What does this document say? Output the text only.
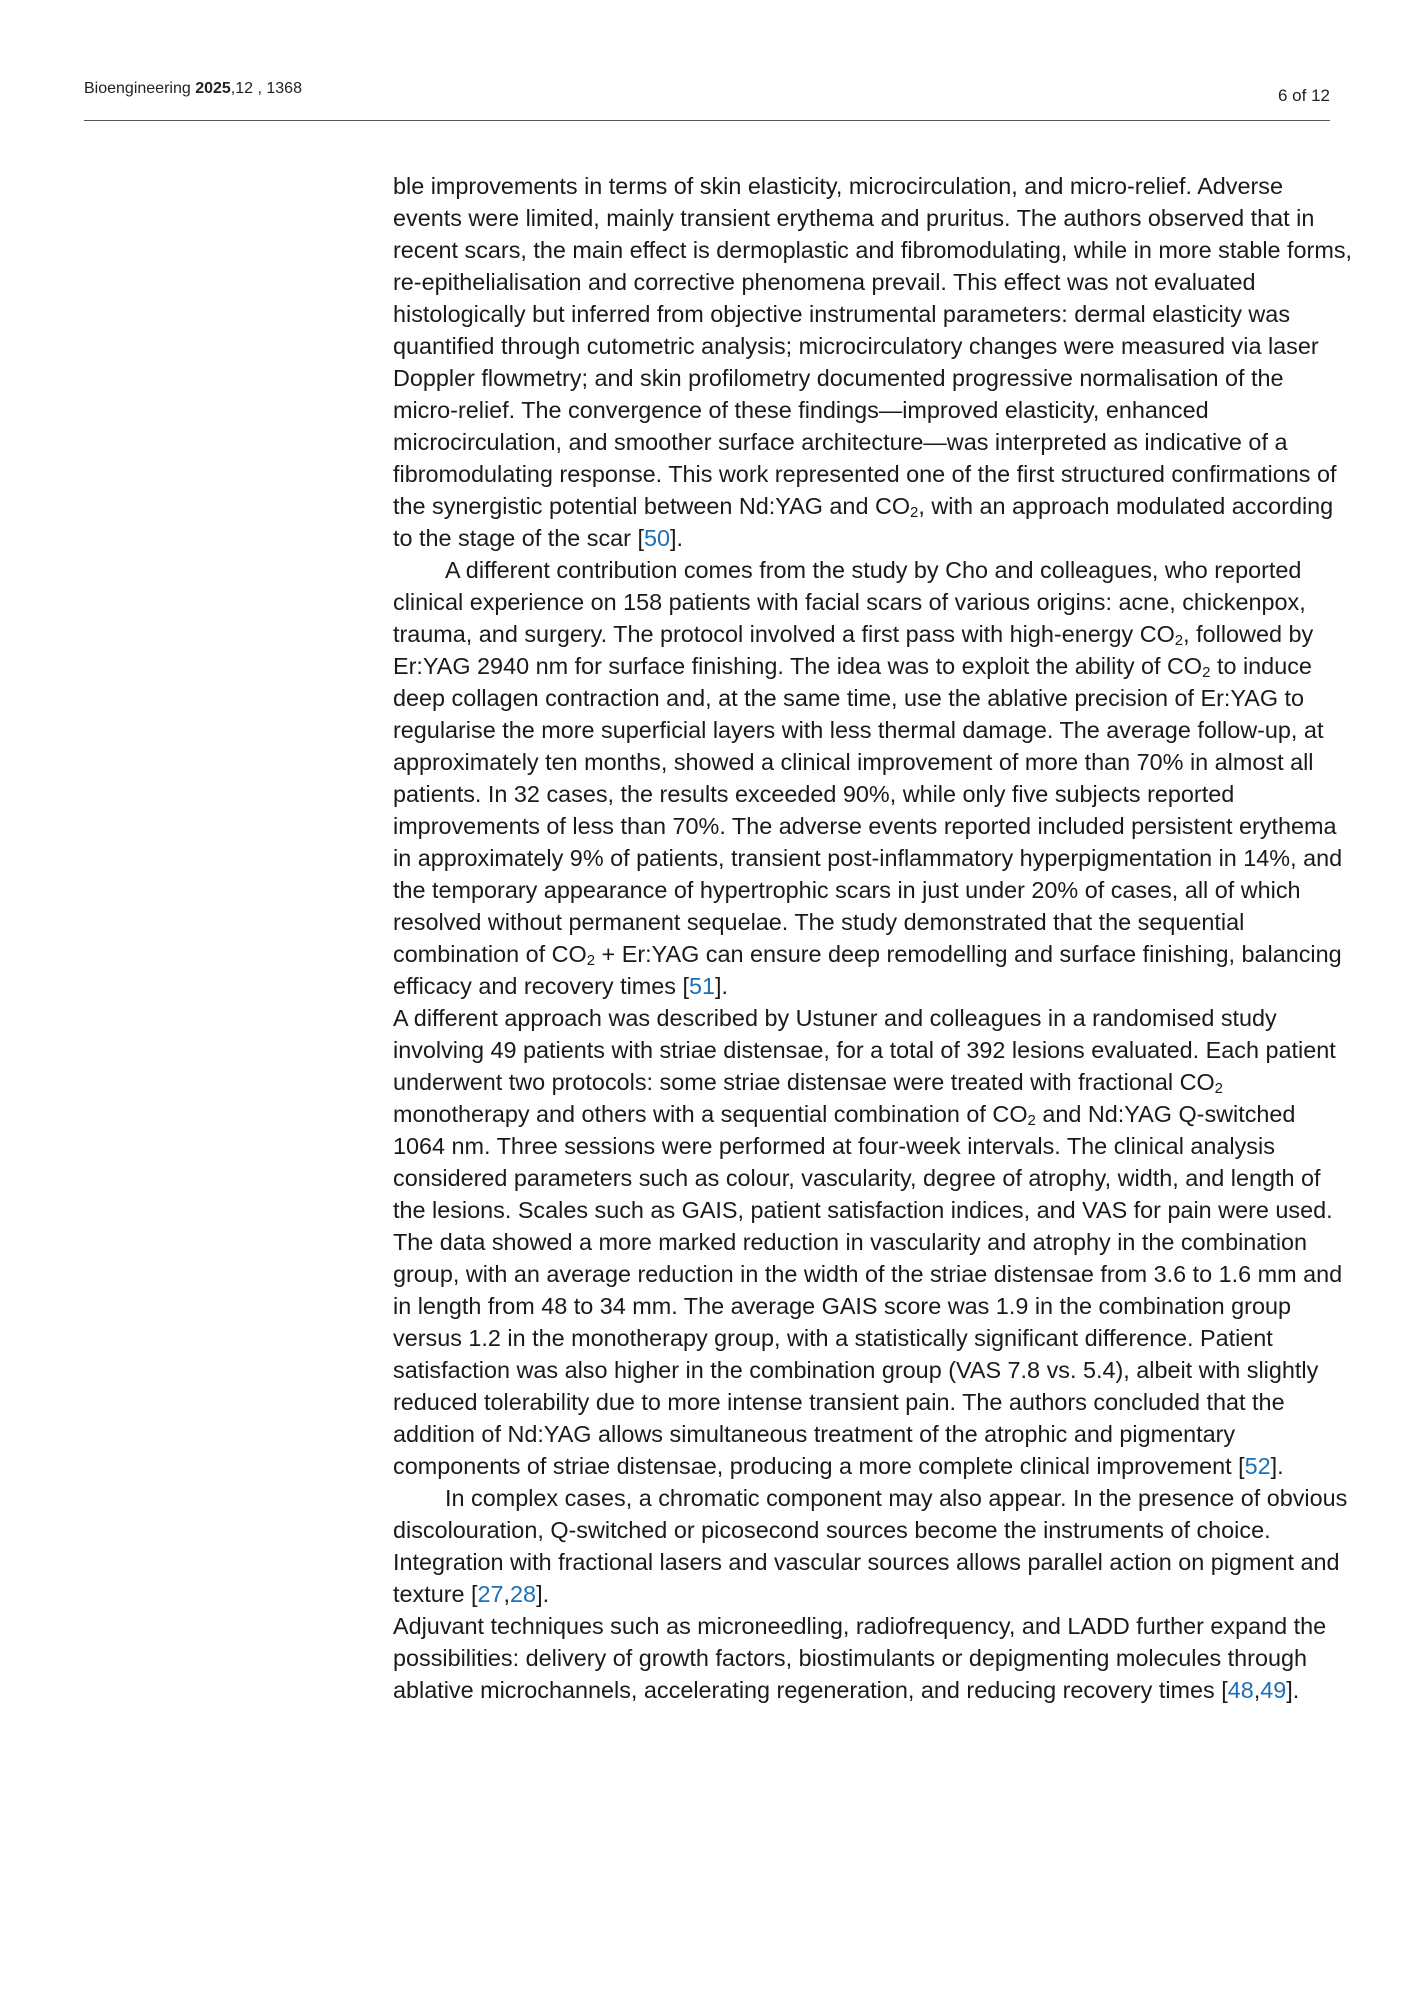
Bioengineering 2025,12 , 1368	6 of 12

ble improvements in terms of skin elasticity, microcirculation, and micro-relief. Adverse events were limited, mainly transient erythema and pruritus. The authors observed that in recent scars, the main effect is dermoplastic and fibromodulating, while in more stable forms, re-epithelialisation and corrective phenomena prevail. This effect was not evaluated histologically but inferred from objective instrumental parameters: dermal elasticity was quantified through cutometric analysis; microcirculatory changes were measured via laser Doppler flowmetry; and skin profilometry documented progressive normalisation of the micro-relief. The convergence of these findings—improved elasticity, enhanced microcirculation, and smoother surface architecture—was interpreted as indicative of a fibromodulating response. This work represented one of the first structured confirmations of the synergistic potential between Nd:YAG and $CO_2$, with an approach modulated according to the stage of the scar [50].

A different contribution comes from the study by Cho and colleagues, who reported clinical experience on 158 patients with facial scars of various origins: acne, chickenpox, trauma, and surgery. The protocol involved a first pass with high-energy $CO_2$, followed by Er:YAG 2940 nm for surface finishing. The idea was to exploit the ability of $CO_2$ to induce deep collagen contraction and, at the same time, use the ablative precision of Er:YAG to regularise the more superficial layers with less thermal damage. The average follow-up, at approximately ten months, showed a clinical improvement of more than 70% in almost all patients. In 32 cases, the results exceeded 90%, while only five subjects reported improvements of less than 70%. The adverse events reported included persistent erythema in approximately 9% of patients, transient post-inflammatory hyperpigmentation in 14%, and the temporary appearance of hypertrophic scars in just under 20% of cases, all of which resolved without permanent sequelae. The study demonstrated that the sequential combination of $CO_2$ + Er:YAG can ensure deep remodelling and surface finishing, balancing efficacy and recovery times [51].

A different approach was described by Ustuner and colleagues in a randomised study involving 49 patients with striae distensae, for a total of 392 lesions evaluated. Each patient underwent two protocols: some striae distensae were treated with fractional $CO_2$ monotherapy and others with a sequential combination of $CO_2$ and Nd:YAG Q-switched 1064 nm. Three sessions were performed at four-week intervals. The clinical analysis considered parameters such as colour, vascularity, degree of atrophy, width, and length of the lesions. Scales such as GAIS, patient satisfaction indices, and VAS for pain were used. The data showed a more marked reduction in vascularity and atrophy in the combination group, with an average reduction in the width of the striae distensae from 3.6 to 1.6 mm and in length from 48 to 34 mm. The average GAIS score was 1.9 in the combination group versus 1.2 in the monotherapy group, with a statistically significant difference. Patient satisfaction was also higher in the combination group (VAS 7.8 vs. 5.4), albeit with slightly reduced tolerability due to more intense transient pain. The authors concluded that the addition of Nd:YAG allows simultaneous treatment of the atrophic and pigmentary components of striae distensae, producing a more complete clinical improvement [52].

In complex cases, a chromatic component may also appear. In the presence of obvious discolouration, Q-switched or picosecond sources become the instruments of choice. Integration with fractional lasers and vascular sources allows parallel action on pigment and texture [27,28].

Adjuvant techniques such as microneedling, radiofrequency, and LADD further expand the possibilities: delivery of growth factors, biostimulants or depigmenting molecules through ablative microchannels, accelerating regeneration, and reducing recovery times [48,49].
